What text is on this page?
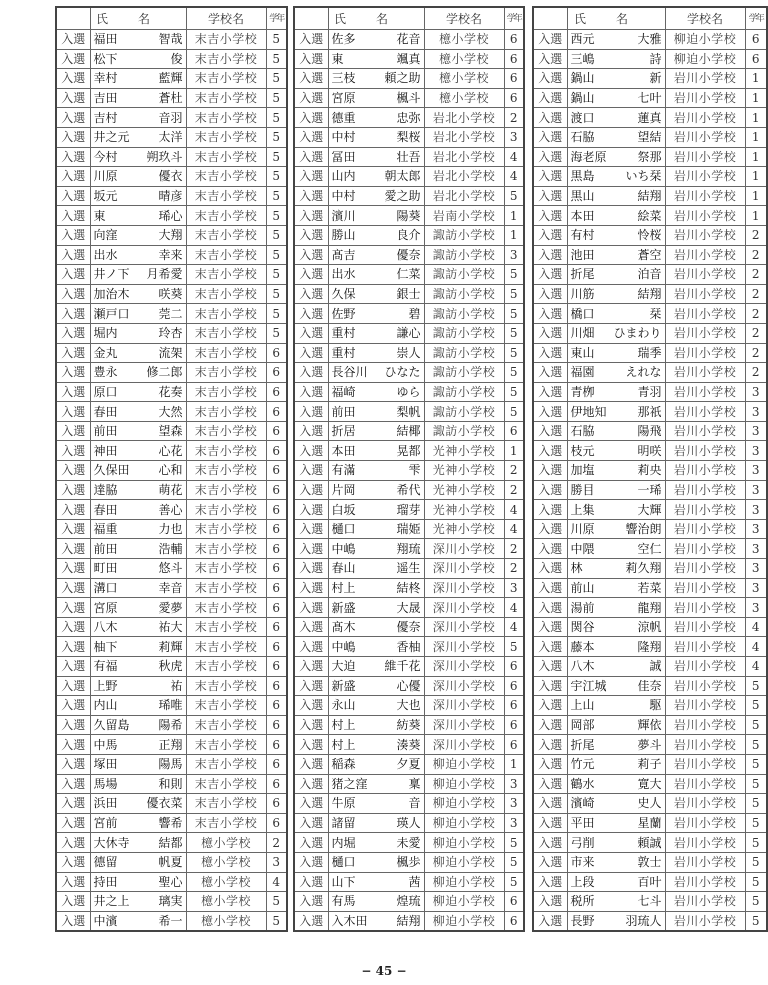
	氏名	学校名	学年
入選	福田 智哉	末吉小学校	5
入選	松下 俊	末吉小学校	5
入選	幸村 藍輝	末吉小学校	5
入選	吉田 蒼杜	末吉小学校	5
入選	吉村 音羽	末吉小学校	5
入選	井之元 太洋	末吉小学校	5
入選	今村 朔玖斗	末吉小学校	5
入選	川原 優衣	末吉小学校	5
入選	坂元 晴彦	末吉小学校	5
入選	東 琋心	末吉小学校	5
入選	向窪 大翔	末吉小学校	5
入選	出水 幸来	末吉小学校	5
入選	井ノ下 月希愛	末吉小学校	5
入選	加治木 咲葵	末吉小学校	5
入選	瀬戸口 莞二	末吉小学校	5
入選	堀内 玲杏	末吉小学校	5
入選	金丸 流架	末吉小学校	6
入選	豊永 修二郎	末吉小学校	6
入選	原口 花奏	末吉小学校	6
入選	春田 大然	末吉小学校	6
入選	前田 望森	末吉小学校	6
入選	神田 心花	末吉小学校	6
入選	久保田 心和	末吉小学校	6
入選	達脇 萌花	末吉小学校	6
入選	春田 善心	末吉小学校	6
入選	福重 力也	末吉小学校	6
入選	前田 浩輔	末吉小学校	6
入選	町田 悠斗	末吉小学校	6
入選	溝口 幸音	末吉小学校	6
入選	宮原 愛夢	末吉小学校	6
入選	八木 祐大	末吉小学校	6
入選	柚下 莉輝	末吉小学校	6
入選	有福 秋虎	末吉小学校	6
入選	上野 祐	末吉小学校	6
入選	内山 琋唯	末吉小学校	6
入選	久留島 陽希	末吉小学校	6
入選	中馬 正翔	末吉小学校	6
入選	塚田 陽馬	末吉小学校	6
入選	馬場 和則	末吉小学校	6
入選	浜田 優衣菜	末吉小学校	6
入選	宮前 響希	末吉小学校	6
入選	大休寺 結都	檍小学校	2
入選	德留 帆夏	檍小学校	3
入選	持田 聖心	檍小学校	4
入選	井之上 璃実	檍小学校	5
入選	中濱 希一	檍小学校	5
	氏名	学校名	学年
入選	佐多 花音	檍小学校	6
入選	東 颯真	檍小学校	6
入選	三枝 頼之助	檍小学校	6
入選	宮原 楓斗	檍小学校	6
入選	德重 忠弥	岩北小学校	2
入選	中村 梨桜	岩北小学校	3
入選	冨田 壮吾	岩北小学校	4
入選	山内 朝太郎	岩北小学校	4
入選	中村 愛之助	岩北小学校	5
入選	濱川 陽葵	岩南小学校	1
入選	勝山 良介	諏訪小学校	1
入選	髙吉 優奈	諏訪小学校	3
入選	出水 仁菜	諏訪小学校	5
入選	久保 銀士	諏訪小学校	5
入選	佐野 碧	諏訪小学校	5
入選	重村 謙心	諏訪小学校	5
入選	重村 崇人	諏訪小学校	5
入選	長谷川 ひなた	諏訪小学校	5
入選	福崎 ゆら	諏訪小学校	5
入選	前田 梨帆	諏訪小学校	5
入選	折居 結椰	諏訪小学校	6
入選	本田 晃都	光神小学校	1
入選	有滿 雫	光神小学校	2
入選	片岡 希代	光神小学校	2
入選	白坂 瑠芽	光神小学校	4
入選	樋口 瑞姫	光神小学校	4
入選	中嶋 翔琉	深川小学校	2
入選	春山 遥生	深川小学校	2
入選	村上 結柊	深川小学校	3
入選	新盛 大晟	深川小学校	4
入選	髙木 優奈	深川小学校	4
入選	中嶋 香柚	深川小学校	5
入選	大迫 維千花	深川小学校	6
入選	新盛 心優	深川小学校	6
入選	永山 大也	深川小学校	6
入選	村上 紡葵	深川小学校	6
入選	村上 湊葵	深川小学校	6
入選	稲森 夕夏	柳迫小学校	1
入選	猪之窪 稟	柳迫小学校	3
入選	牛原 音	柳迫小学校	3
入選	諸留 瑛人	柳迫小学校	3
入選	内堀 未愛	柳迫小学校	5
入選	樋口 楓歩	柳迫小学校	5
入選	山下 茜	柳迫小学校	5
入選	有馬 煌琉	柳迫小学校	6
入選	入木田 結翔	柳迫小学校	6
	氏名	学校名	学年
入選	西元 大雅	柳迫小学校	6
入選	三嶋 詩	柳迫小学校	6
入選	鍋山 新	岩川小学校	1
入選	鍋山 七叶	岩川小学校	1
入選	渡口 蓮真	岩川小学校	1
入選	石脇 望結	岩川小学校	1
入選	海老原 祭那	岩川小学校	1
入選	黒島 いち栞	岩川小学校	1
入選	黒山 結翔	岩川小学校	1
入選	本田 絵菜	岩川小学校	1
入選	有村 怜桜	岩川小学校	2
入選	池田 蒼空	岩川小学校	2
入選	折尾 泊音	岩川小学校	2
入選	川筋 結翔	岩川小学校	2
入選	橋口 栞	岩川小学校	2
入選	川畑 ひまわり	岩川小学校	2
入選	東山 瑞季	岩川小学校	2
入選	福園 えれな	岩川小学校	2
入選	青栁 青羽	岩川小学校	3
入選	伊地知 那祇	岩川小学校	3
入選	石脇 陽飛	岩川小学校	3
入選	枝元 明咲	岩川小学校	3
入選	加塩 莉央	岩川小学校	3
入選	勝目 一琋	岩川小学校	3
入選	上集 大輝	岩川小学校	3
入選	川原 響治朗	岩川小学校	3
入選	中隈 空仁	岩川小学校	3
入選	林 莉久翔	岩川小学校	3
入選	前山 若菜	岩川小学校	3
入選	湯前 龍翔	岩川小学校	3
入選	関谷 涼帆	岩川小学校	4
入選	藤本 隆翔	岩川小学校	4
入選	八木 誠	岩川小学校	4
入選	宇江城 佳奈	岩川小学校	5
入選	上山 駆	岩川小学校	5
入選	岡部 輝依	岩川小学校	5
入選	折尾 夢斗	岩川小学校	5
入選	竹元 莉子	岩川小学校	5
入選	鶴水 寛大	岩川小学校	5
入選	濱崎 史人	岩川小学校	5
入選	平田 星蘭	岩川小学校	5
入選	弓削 頼誠	岩川小学校	5
入選	市来 敦士	岩川小学校	5
入選	上段 百叶	岩川小学校	5
入選	税所 七斗	岩川小学校	5
入選	長野 羽琉人	岩川小学校	5
− 45 −
